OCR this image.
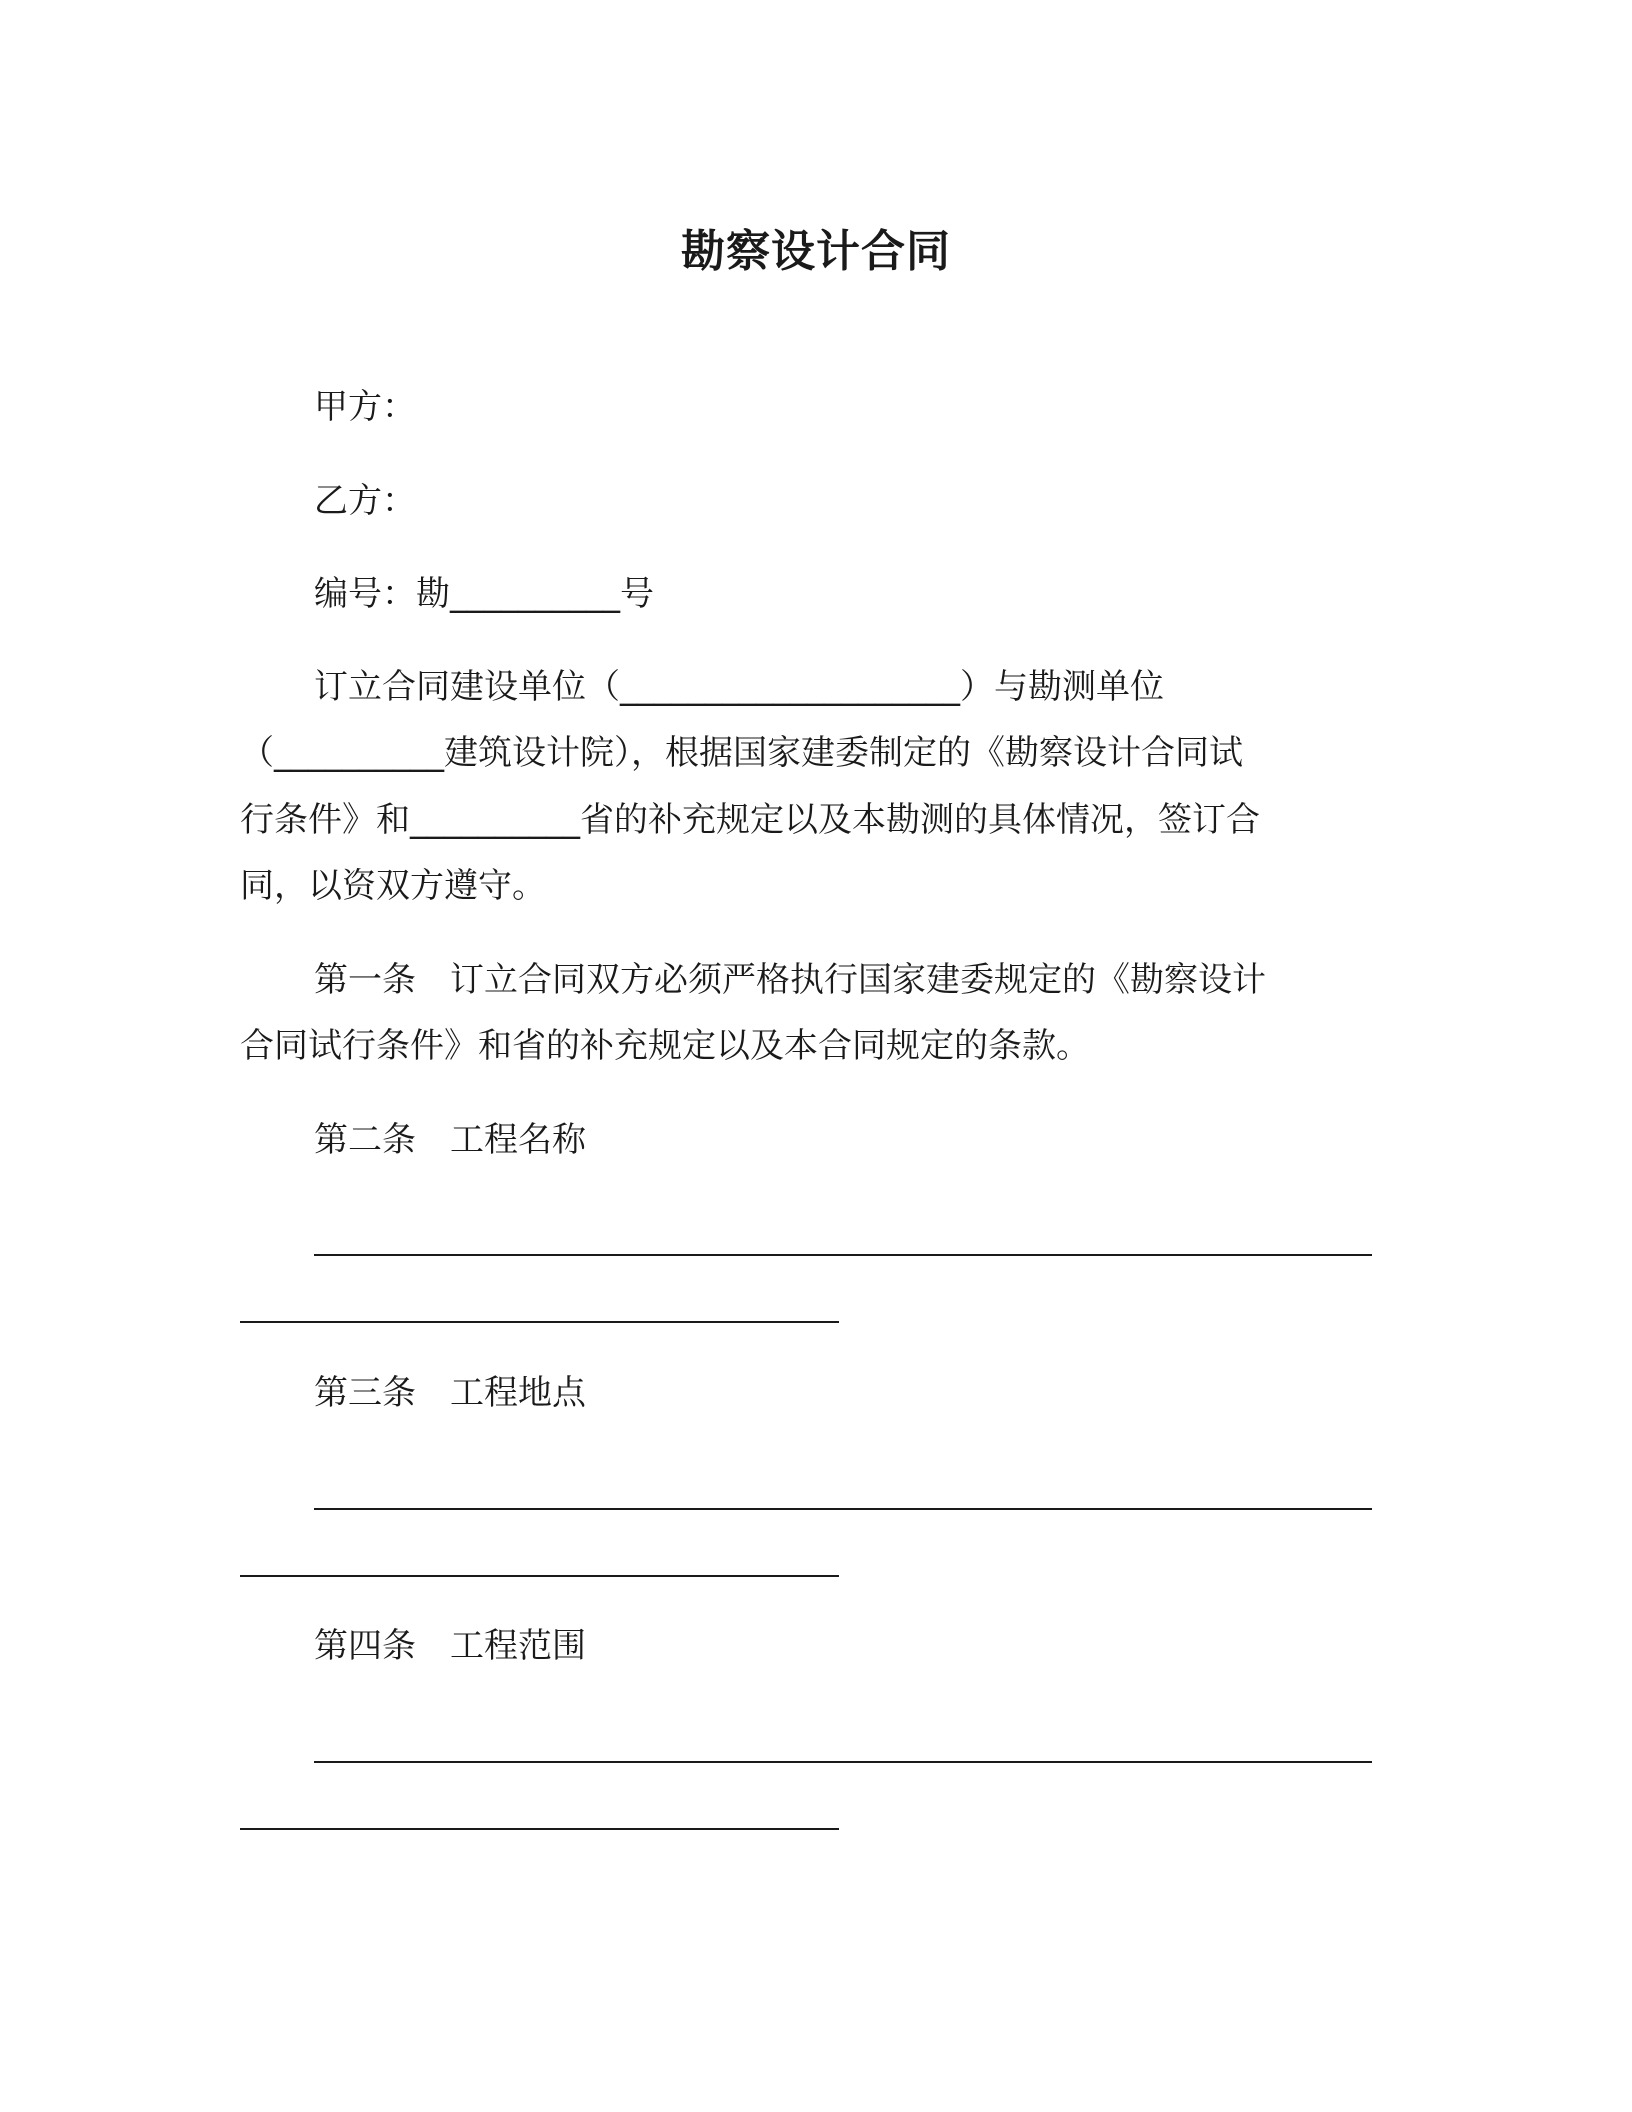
勘察设计合同
甲方：
乙方：
编号：勘__________号
订立合同建设单位（____________________）与勘测单位
（__________建筑设计院），根据国家建委制定的《勘察设计合同试
行条件》和__________省的补充规定以及本勘测的具体情况，签订合
同，以资双方遵守。
第一条　订立合同双方必须严格执行国家建委规定的《勘察设计
合同试行条件》和省的补充规定以及本合同规定的条款。
第二条　工程名称
第三条　工程地点
第四条　工程范围
